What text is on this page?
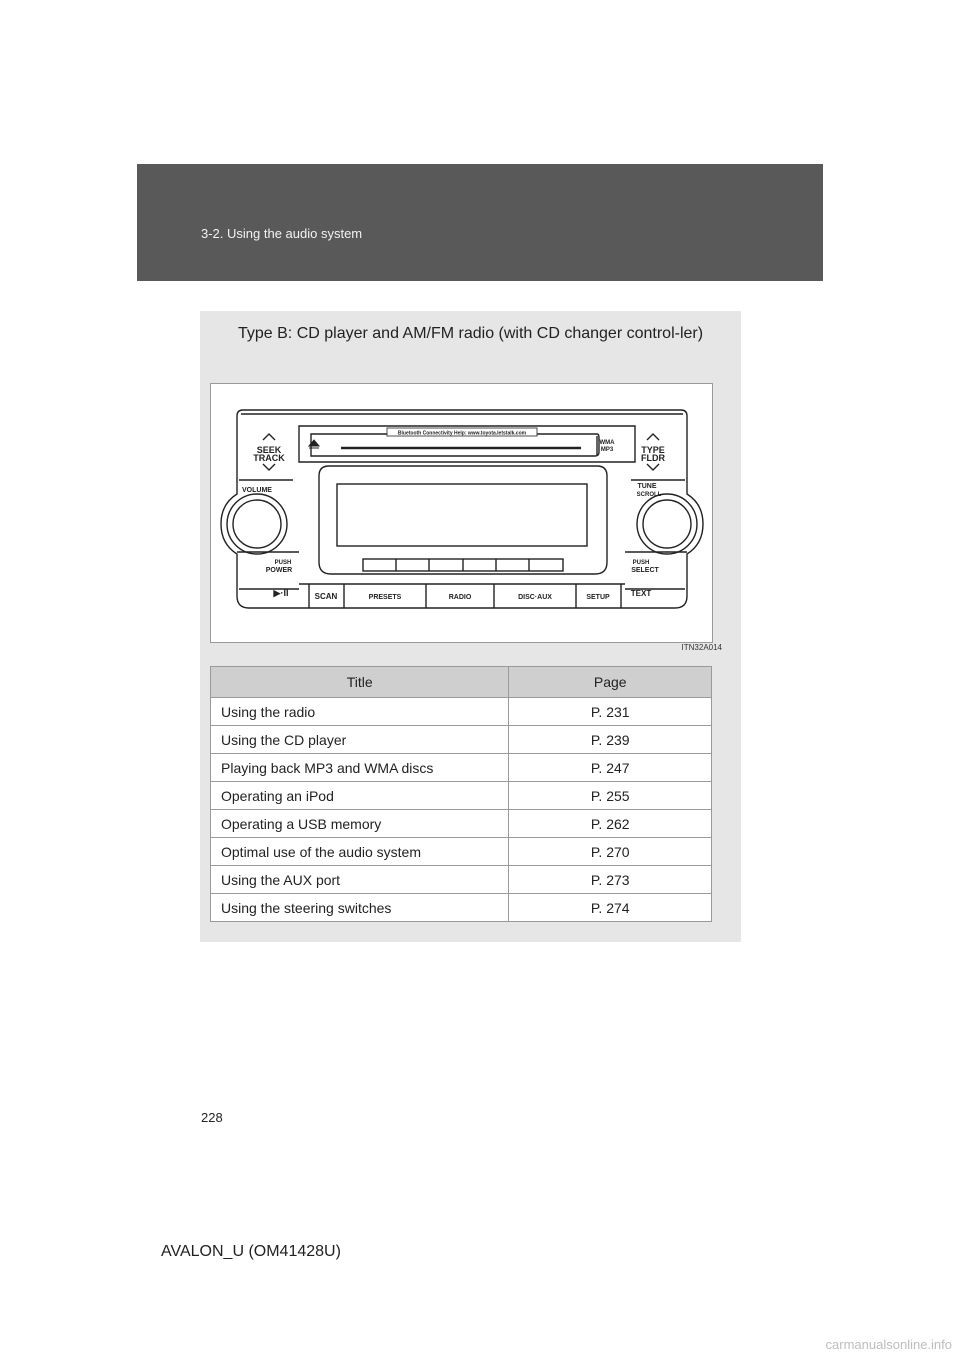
3-2. Using the audio system
Type B: CD player and AM/FM radio (with CD changer control-ler)
Bluetooth Connectivity Help: www.toyota.letstalk.com
SEEK
TRACK
VOLUME
PUSH
POWER
▶·II
WMA
MP3	TYPE
FLDR
TUNE
SCROLL
PUSH
SELECT
TEXT
SCAN	PRESETS	RADIO	DISC·AUX	SETUP
ITN32A014
Title	Page
Using the radio	P. 231
Using the CD player	P. 239
Playing back MP3 and WMA discs	P. 247
Operating an iPod	P. 255
Operating a USB memory	P. 262
Optimal use of the audio system	P. 270
Using the AUX port	P. 273
Using the steering switches	P. 274
228
AVALON_U (OM41428U)
carmanualsonline.info
